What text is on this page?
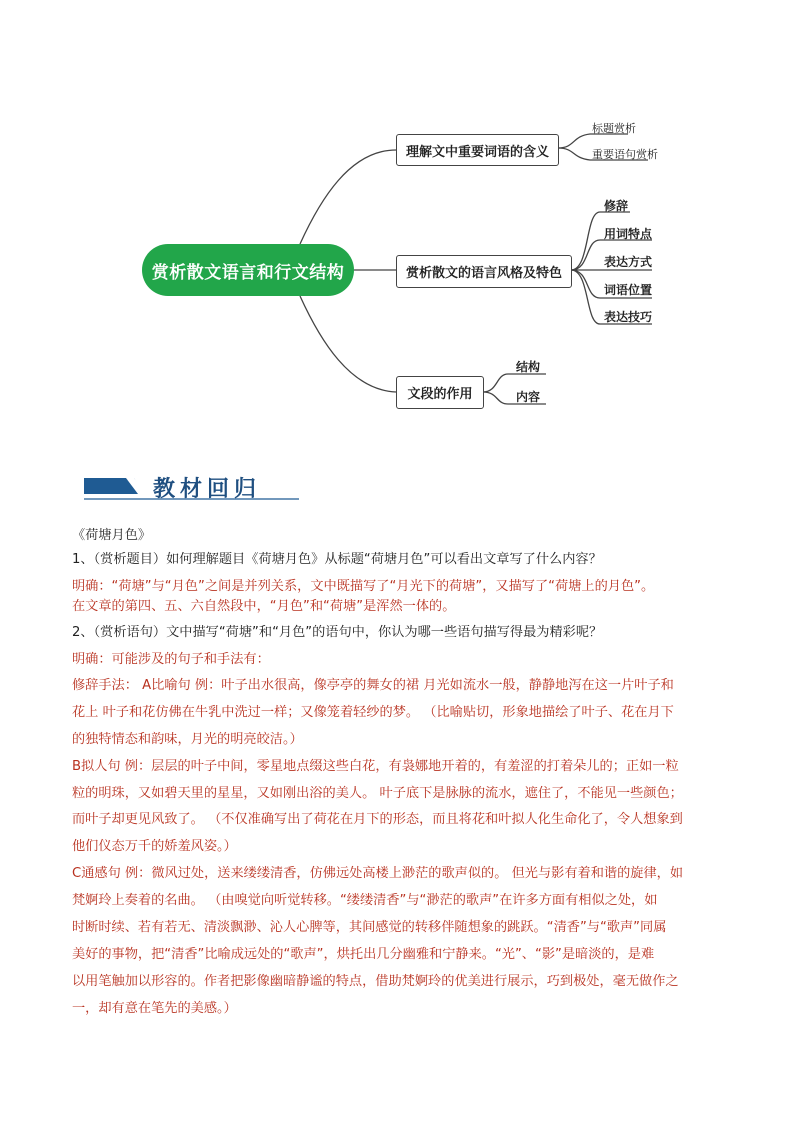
赏析散文语言和行文结构
理解文中重要词语的含义
标题赏析
重要语句赏析
赏析散文的语言风格及特色
修辞
用词特点
表达方式
词语位置
表达技巧
文段的作用
结构
内容
教材回归
《荷塘月色》
1、（赏析题目）如何理解题目《荷塘月色》从标题“荷塘月色”可以看出文章写了什么内容？
明确：“荷塘”与“月色”之间是并列关系，文中既描写了“月光下的荷塘”，又描写了“荷塘上的月色”。
在文章的第四、五、六自然段中，“月色”和“荷塘”是浑然一体的。
2、（赏析语句）文中描写“荷塘”和“月色”的语句中，你认为哪一些语句描写得最为精彩呢？
明确：可能涉及的句子和手法有：
修辞手法： A比喻句 例：叶子出水很高，像亭亭的舞女的裙 月光如流水一般，静静地泻在这一片叶子和
花上 叶子和花仿佛在牛乳中洗过一样；又像笼着轻纱的梦。 （比喻贴切，形象地描绘了叶子、花在月下
的独特情态和韵味，月光的明亮皎洁。）
B拟人句 例：层层的叶子中间，零星地点缀这些白花，有袅娜地开着的，有羞涩的打着朵儿的；正如一粒
粒的明珠，又如碧天里的星星，又如刚出浴的美人。 叶子底下是脉脉的流水，遮住了，不能见一些颜色；
而叶子却更见风致了。 （不仅准确写出了荷花在月下的形态，而且将花和叶拟人化生命化了，令人想象到
他们仪态万千的娇羞风姿。）
C通感句 例：微风过处，送来缕缕清香，仿佛远处高楼上渺茫的歌声似的。 但光与影有着和谐的旋律，如
梵婀玲上奏着的名曲。 （由嗅觉向听觉转移。“缕缕清香”与“渺茫的歌声”在许多方面有相似之处，如
时断时续、若有若无、清淡飘渺、沁人心脾等，其间感觉的转移伴随想象的跳跃。“清香”与“歌声”同属
美好的事物，把“清香”比喻成远处的“歌声”，烘托出几分幽雅和宁静来。“光”、“影”是暗淡的，是难
以用笔触加以形容的。作者把影像幽暗静谧的特点，借助梵婀玲的优美进行展示，巧到极处，毫无做作之
一，却有意在笔先的美感。）
